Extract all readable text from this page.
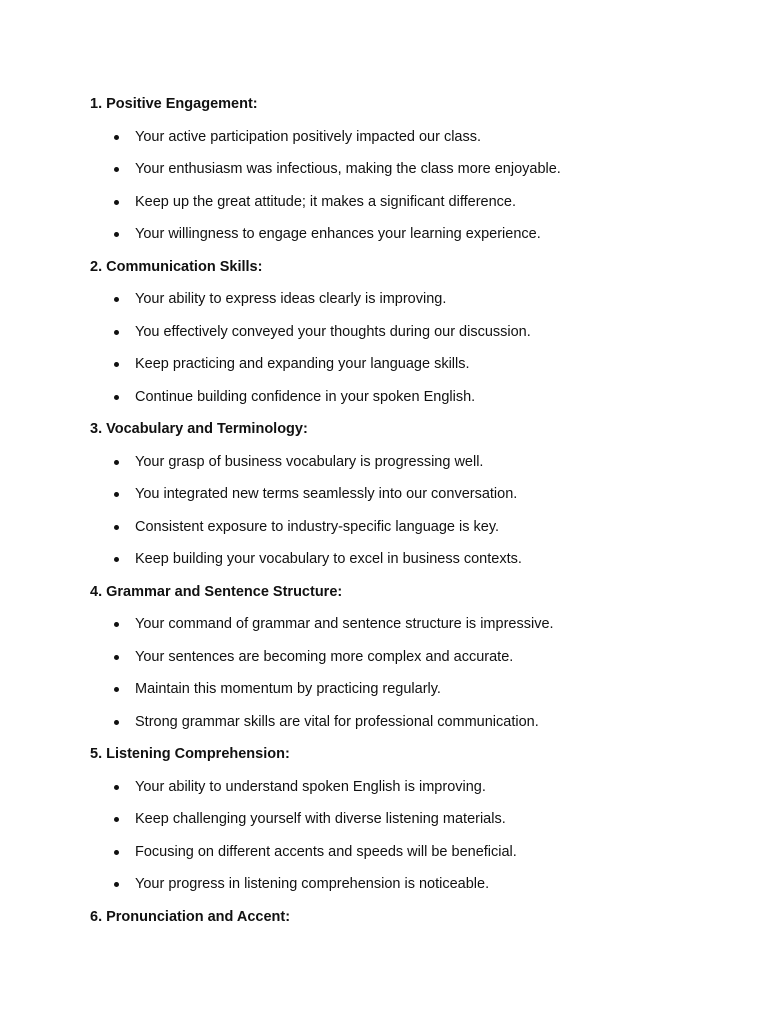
1. Positive Engagement:
Your active participation positively impacted our class.
Your enthusiasm was infectious, making the class more enjoyable.
Keep up the great attitude; it makes a significant difference.
Your willingness to engage enhances your learning experience.
2. Communication Skills:
Your ability to express ideas clearly is improving.
You effectively conveyed your thoughts during our discussion.
Keep practicing and expanding your language skills.
Continue building confidence in your spoken English.
3. Vocabulary and Terminology:
Your grasp of business vocabulary is progressing well.
You integrated new terms seamlessly into our conversation.
Consistent exposure to industry-specific language is key.
Keep building your vocabulary to excel in business contexts.
4. Grammar and Sentence Structure:
Your command of grammar and sentence structure is impressive.
Your sentences are becoming more complex and accurate.
Maintain this momentum by practicing regularly.
Strong grammar skills are vital for professional communication.
5. Listening Comprehension:
Your ability to understand spoken English is improving.
Keep challenging yourself with diverse listening materials.
Focusing on different accents and speeds will be beneficial.
Your progress in listening comprehension is noticeable.
6. Pronunciation and Accent:
